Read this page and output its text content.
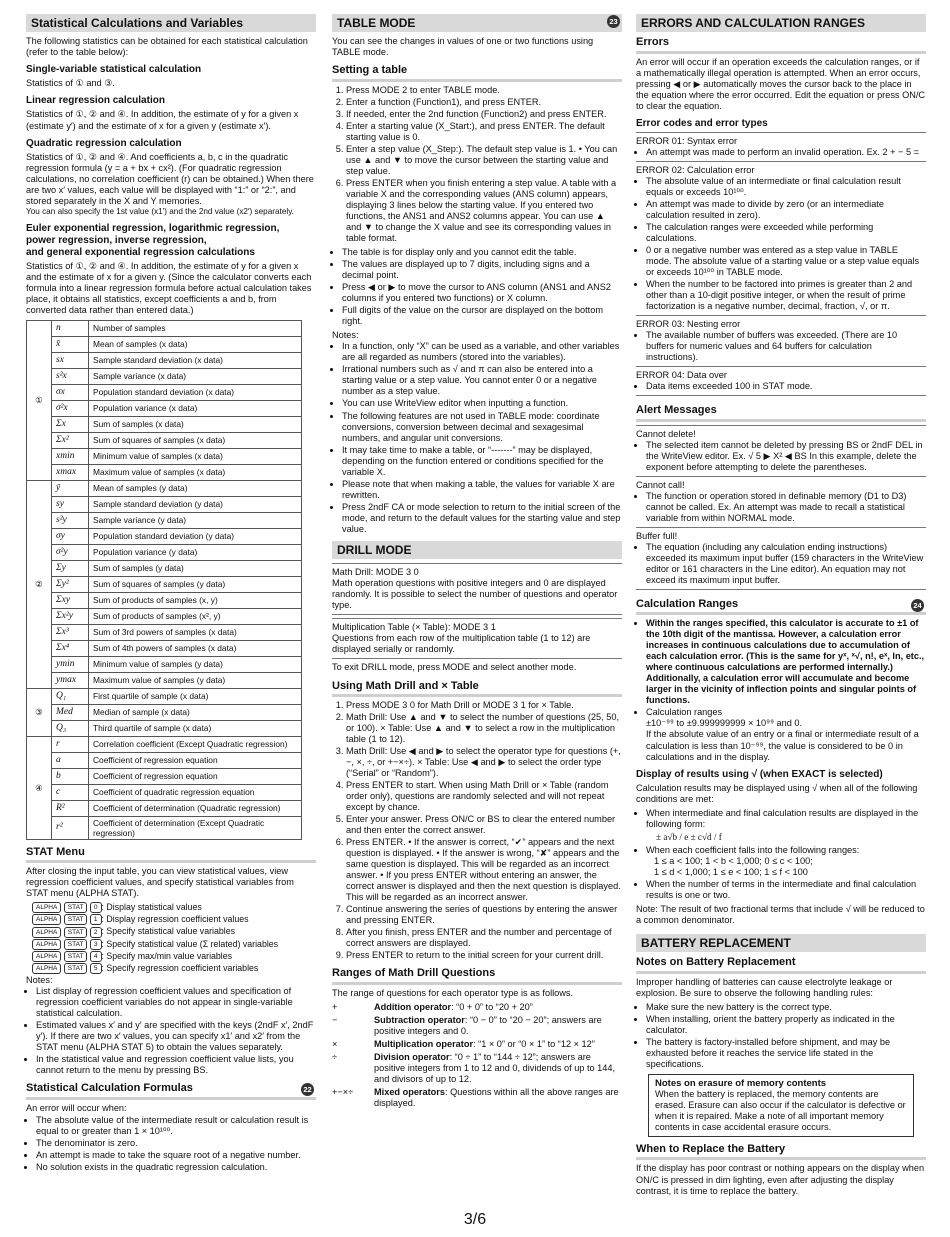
Statistical Calculations and Variables

The following statistics can be obtained for each statistical calculation (refer to the table below):

Single-variable statistical calculation

Statistics of ① and ③.

Linear regression calculation

Statistics of ①, ② and ④. In addition, the estimate of y for a given x (estimate y′) and the estimate of x for a given y (estimate x′).

Quadratic regression calculation

Statistics of ①, ② and ④. And coefficients a, b, c in the quadratic regression formula (y = a + bx + cx²). (For quadratic regression calculations, no correlation coefficient (r) can be obtained.) When there are two x′ values, each value will be displayed with “1:” or “2:”, and stored separately in the X and Y memories.

You can also specify the 1st value (x1′) and the 2nd value (x2′) separately.

Euler exponential regression, logarithmic regression,
power regression, inverse regression,
and general exponential regression calculations

Statistics of ①, ② and ④. In addition, the estimate of y for a given x and the estimate of x for a given y. (Since the calculator converts each formula into a linear regression formula before actual calculation takes place, it obtains all statistics, except coefficients a and b, from converted data rather than entered data.)

①	n	Number of samples
	x̄	Mean of samples (x data)
	sx	Sample standard deviation (x data)
	s²x	Sample variance (x data)
	σx	Population standard deviation (x data)
	σ²x	Population variance (x data)
	Σx	Sum of samples (x data)
	Σx²	Sum of squares of samples (x data)
	xmin	Minimum value of samples (x data)
	xmax	Maximum value of samples (x data)
②	ȳ	Mean of samples (y data)
	sy	Sample standard deviation (y data)
	s²y	Sample variance (y data)
	σy	Population standard deviation (y data)
	σ²y	Population variance (y data)
	Σy	Sum of samples (y data)
	Σy²	Sum of squares of samples (y data)
	Σxy	Sum of products of samples (x, y)
	Σx²y	Sum of products of samples (x², y)
	Σx³	Sum of 3rd powers of samples (x data)
	Σx⁴	Sum of 4th powers of samples (x data)
	ymin	Minimum value of samples (y data)
	ymax	Maximum value of samples (y data)
③	Q₁	First quartile of sample (x data)
	Med	Median of sample (x data)
	Q₃	Third quartile of sample (x data)
④	r	Correlation coefficient (Except Quadratic regression)
	a	Coefficient of regression equation
	b	Coefficient of regression equation
	c	Coefficient of quadratic regression equation
	R²	Coefficient of determination (Quadratic regression)
	r²	Coefficient of determination (Except Quadratic regression)
STAT Menu

After closing the input table, you can view statistical values, view regression coefficient values, and specify statistical variables from STAT menu (ALPHA STAT).

ALPHA STAT 0 : Display statistical values
ALPHA STAT 1 : Display regression coefficient values
ALPHA STAT 2 : Specify statistical value variables
ALPHA STAT 3 : Specify statistical value (Σ related) variables
ALPHA STAT 4 : Specify max/min value variables
ALPHA STAT 5 : Specify regression coefficient variables
Notes:
• List display of regression coefficient values and specification of regression coefficient variables do not appear in single-variable statistical calculation.
• Estimated values x′ and y′ are specified with the keys (2ndF x′, 2ndF y′). If there are two x′ values, you can specify x1′ and x2′ from the STAT menu (ALPHA STAT 5) to obtain the values separately.
• In the statistical value and regression coefficient value lists, you cannot return to the menu by pressing BS.
Statistical Calculation Formulas	22

An error will occur when:

• The absolute value of the intermediate result or calculation result is equal to or greater than 1 × 10¹⁰⁰.
• The denominator is zero.
• An attempt is made to take the square root of a negative number.
• No solution exists in the quadratic regression calculation.
TABLE MODE	23

You can see the changes in values of one or two functions using TABLE mode.

Setting a table
1. Press MODE 2 to enter TABLE mode.
2. Enter a function (Function1), and press ENTER.
3. If needed, enter the 2nd function (Function2) and press ENTER.
4. Enter a starting value (X_Start:), and press ENTER. The default starting value is 0.
5. Enter a step value (X_Step:). The default step value is 1. • You can use ▲ and ▼ to move the cursor between the starting value and step value.
6. Press ENTER when you finish entering a step value. A table with a variable X and the corresponding values (ANS column) appears, displaying 3 lines below the starting value. If you entered two functions, the ANS1 and ANS2 columns appear. You can use ▲ and ▼ to change the X value and see its corresponding values in table format.
• The table is for display only and you cannot edit the table.
• The values are displayed up to 7 digits, including signs and a decimal point.
• Press ◀ or ▶ to move the cursor to ANS column (ANS1 and ANS2 columns if you entered two functions) or X column.
• Full digits of the value on the cursor are displayed on the bottom right.
Notes:
• In a function, only “X” can be used as a variable, and other variables are all regarded as numbers (stored into the variables).
• Irrational numbers such as √ and π can also be entered into a starting value or a step value. You cannot enter 0 or a negative number as a step value.
• You can use WriteView editor when inputting a function.
• The following features are not used in TABLE mode: coordinate conversions, conversion between decimal and sexagesimal numbers, and angular unit conversions.
• It may take time to make a table, or “-------” may be displayed, depending on the function entered or conditions specified for the variable X.
• Please note that when making a table, the values for variable X are rewritten.
• Press 2ndF CA or mode selection to return to the initial screen of the mode, and return to the default values for the starting value and step value.
DRILL MODE
Math Drill: MODE 3 0
Math operation questions with positive integers and 0 are displayed randomly. It is possible to select the number of questions and operator type.
Multiplication Table (× Table): MODE 3 1
Questions from each row of the multiplication table (1 to 12) are displayed serially or randomly.

To exit DRILL mode, press MODE and select another mode.

Using Math Drill and × Table
1. Press MODE 3 0 for Math Drill or MODE 3 1 for × Table.
2. Math Drill: Use ▲ and ▼ to select the number of questions (25, 50, or 100). × Table: Use ▲ and ▼ to select a row in the multiplication table (1 to 12).
3. Math Drill: Use ◀ and ▶ to select the operator type for questions (+, −, ×, ÷, or +−×÷). × Table: Use ◀ and ▶ to select the order type (“Serial” or “Random”).
4. Press ENTER to start. When using Math Drill or × Table (random order only), questions are randomly selected and will not repeat except by chance.
5. Enter your answer. Press ON/C or BS to clear the entered number and then enter the correct answer.
6. Press ENTER. • If the answer is correct, “✔” appears and the next question is displayed. • If the answer is wrong, “✘” appears and the same question is displayed. This will be regarded as an incorrect answer. • If you press ENTER without entering an answer, the correct answer is displayed and then the next question is displayed. This will be regarded as an incorrect answer.
7. Continue answering the series of questions by entering the answer and pressing ENTER.
8. After you finish, press ENTER and the number and percentage of correct answers are displayed.
9. Press ENTER to return to the initial screen for your current drill.
Ranges of Math Drill Questions

The range of questions for each operator type is as follows.

+	Addition operator: “0 + 0” to “20 + 20”
−	Subtraction operator: “0 − 0” to “20 − 20”; answers are positive integers and 0.
×	Multiplication operator: “1 × 0” or “0 × 1” to “12 × 12”
÷	Division operator: “0 ÷ 1” to “144 ÷ 12”; answers are positive integers from 1 to 12 and 0, dividends of up to 144, and divisors of up to 12.
+−×÷	Mixed operators: Questions within all the above ranges are displayed.
ERRORS AND CALCULATION RANGES
Errors

An error will occur if an operation exceeds the calculation ranges, or if a mathematically illegal operation is attempted. When an error occurs, pressing ◀ or ▶ automatically moves the cursor back to the place in the equation where the error occurred. Edit the equation or press ON/C to clear the equation.

Error codes and error types
ERROR 01: Syntax error
• An attempt was made to perform an invalid operation. Ex. 2 + − 5 =
ERROR 02: Calculation error
• The absolute value of an intermediate or final calculation result equals or exceeds 10¹⁰⁰.
• An attempt was made to divide by zero (or an intermediate calculation resulted in zero).
• The calculation ranges were exceeded while performing calculations.
• 0 or a negative number was entered as a step value in TABLE mode. The absolute value of a starting value or a step value equals or exceeds 10¹⁰⁰ in TABLE mode.
• When the number to be factored into primes is greater than 2 and other than a 10-digit positive integer, or when the result of prime factorization is a negative number, decimal, fraction, √, or π.
ERROR 03: Nesting error
• The available number of buffers was exceeded. (There are 10 buffers for numeric values and 64 buffers for calculation instructions).
ERROR 04: Data over
• Data items exceeded 100 in STAT mode.
Alert Messages
Cannot delete!
• The selected item cannot be deleted by pressing BS or 2ndF DEL in the WriteView editor. Ex. √ 5 ▶ X² ◀ BS In this example, delete the exponent before attempting to delete the parentheses.
Cannot call!
• The function or operation stored in definable memory (D1 to D3) cannot be called. Ex. An attempt was made to recall a statistical variable from within NORMAL mode.
Buffer full!
• The equation (including any calculation ending instructions) exceeded its maximum input buffer (159 characters in the WriteView editor or 161 characters in the Line editor). An equation may not exceed its maximum input buffer.
Calculation Ranges	24
• Within the ranges specified, this calculator is accurate to ±1 of the 10th digit of the mantissa. However, a calculation error increases in continuous calculations due to accumulation of each calculation error. (This is the same for yˣ, ˣ√, n!, eˣ, ln, etc., where continuous calculations are performed internally.) Additionally, a calculation error will accumulate and become larger in the vicinity of inflection points and singular points of functions.
• Calculation ranges
±10⁻⁹⁹ to ±9.999999999 × 10⁹⁹ and 0.
If the absolute value of an entry or a final or intermediate result of a calculation is less than 10⁻⁹⁹, the value is considered to be 0 in calculations and in the display.
Display of results using √ (when EXACT is selected)

Calculation results may be displayed using √ when all of the following conditions are met:

• When intermediate and final calculation results are displayed in the following form:
± a√b / e ± c√d / f
• When each coefficient falls into the following ranges:
1 ≤ a < 100; 1 < b < 1,000; 0 ≤ c < 100;
1 ≤ d < 1,000; 1 ≤ e < 100; 1 ≤ f < 100
• When the number of terms in the intermediate and final calculation results is one or two.

Note: The result of two fractional terms that include √ will be reduced to a common denominator.

BATTERY REPLACEMENT
Notes on Battery Replacement

Improper handling of batteries can cause electrolyte leakage or explosion. Be sure to observe the following handling rules:

• Make sure the new battery is the correct type.
• When installing, orient the battery properly as indicated in the calculator.
• The battery is factory-installed before shipment, and may be exhausted before it reaches the service life stated in the specifications.
Notes on erasure of memory contents
When the battery is replaced, the memory contents are erased. Erasure can also occur if the calculator is defective or when it is repaired. Make a note of all important memory contents in case accidental erasure occurs.
When to Replace the Battery

If the display has poor contrast or nothing appears on the display when ON/C is pressed in dim lighting, even after adjusting the display contrast, it is time to replace the battery.

3/6
